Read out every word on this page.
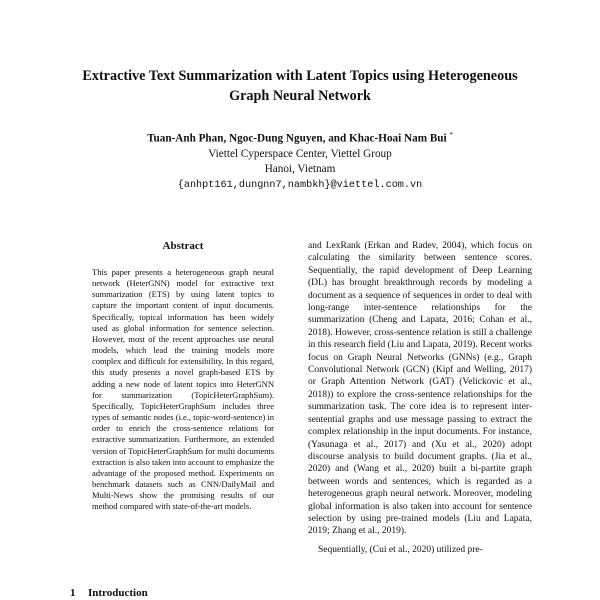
Extractive Text Summarization with Latent Topics using Heterogeneous
Graph Neural Network
Tuan-Anh Phan, Ngoc-Dung Nguyen, and Khac-Hoai Nam Bui *
Viettel Cyperspace Center, Viettel Group
Hanoi, Vietnam
{anhpt161,dungnn7,nambkh}@viettel.com.vn
Abstract

This paper presents a heterogeneous graph neural network (HeterGNN) model for extractive text summarization (ETS) by using latent topics to capture the important content of input documents. Specifically, topical information has been widely used as global information for sentence selection. However, most of the recent approaches use neural models, which lead the training models more complex and difficult for extensibility. In this regard, this study presents a novel graph-based ETS by adding a new node of latent topics into HeterGNN for summarization (TopicHeterGraphSum). Specifically, TopicHeterGraphSum includes three types of semantic nodes (i.e., topic-word-sentence) in order to enrich the cross-sentence relations for extractive summarization. Furthermore, an extended version of TopicHeterGraphSum for multi documents extraction is also taken into account to emphasize the advantage of the proposed method. Experiments on benchmark datasets such as CNN/DailyMail and Multi-News show the promising results of our method compared with state-of-the-art models.

and LexRank (Erkan and Radev, 2004), which focus on calculating the similarity between sentence scores. Sequentially, the rapid development of Deep Learning (DL) has brought breakthrough records by modeling a document as a sequence of sequences in order to deal with long-range inter-sentence relationships for the summarization (Cheng and Lapata, 2016; Cohan et al., 2018). However, cross-sentence relation is still a challenge in this research field (Liu and Lapata, 2019). Recent works focus on Graph Neural Networks (GNNs) (e.g., Graph Convolutional Network (GCN) (Kipf and Welling, 2017) or Graph Attention Network (GAT) (Velickovic et al., 2018)) to explore the cross-sentence relationships for the summarization task. The core idea is to represent inter-sentential graphs and use message passing to extract the complex relationship in the input documents. For instance, (Yasunaga et al., 2017) and (Xu et al., 2020) adopt discourse analysis to build document graphs. (Jia et al., 2020) and (Wang et al., 2020) built a bi-partite graph between words and sentences, which is regarded as a heterogeneous graph neural network. Moreover, modeling global information is also taken into account for sentence selection by using pre-trained models (Liu and Lapata, 2019; Zhang et al., 2019).

Sequentially, (Cui et al., 2020) utilized pre-

1 Introduction
